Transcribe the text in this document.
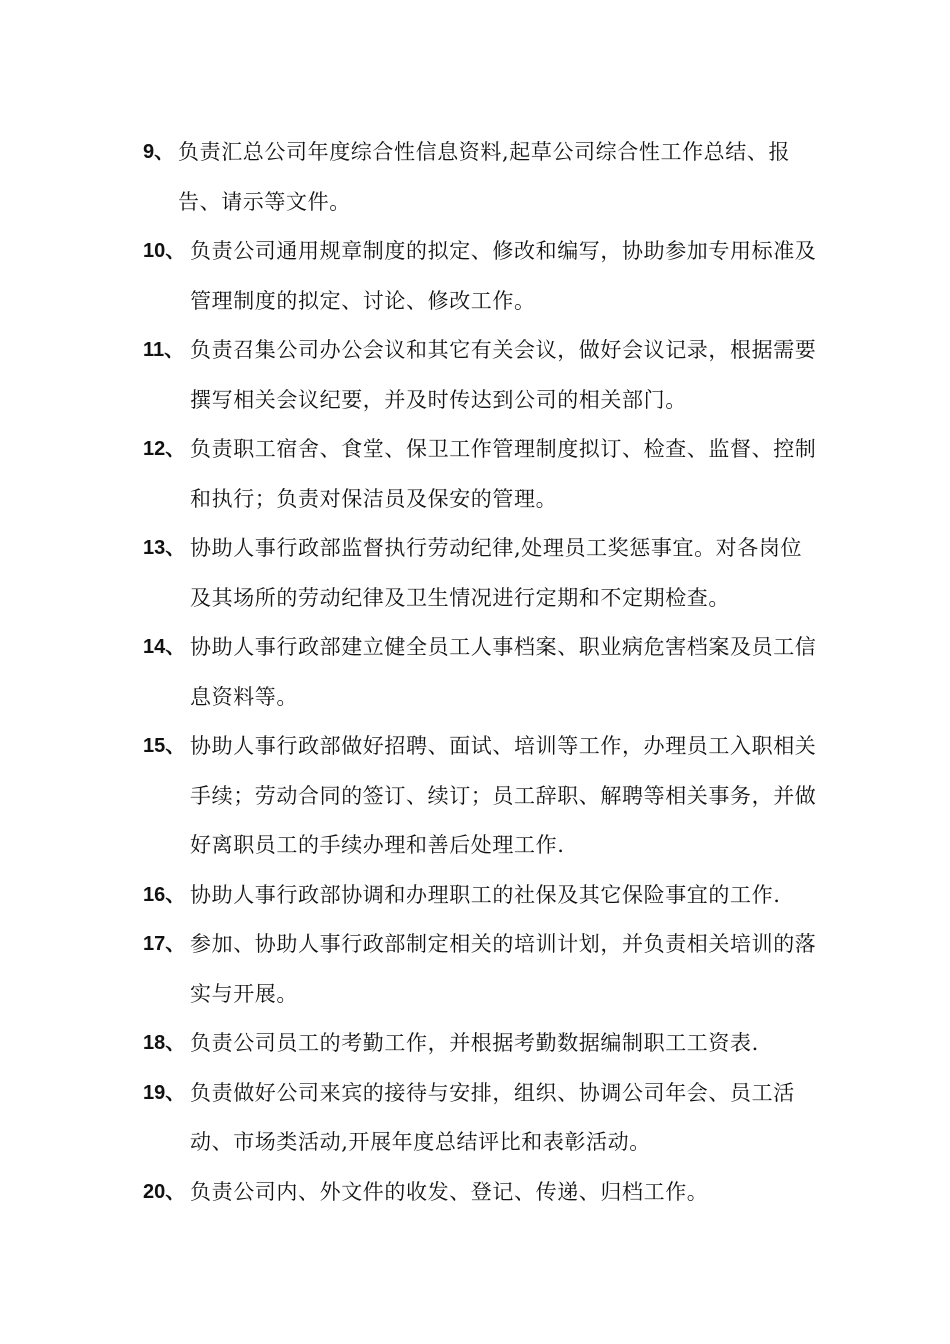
9、 负责汇总公司年度综合性信息资料,起草公司综合性工作总结、报告、请示等文件。
10、 负责公司通用规章制度的拟定、修改和编写，协助参加专用标准及管理制度的拟定、讨论、修改工作。
11、 负责召集公司办公会议和其它有关会议，做好会议记录，根据需要撰写相关会议纪要，并及时传达到公司的相关部门。
12、 负责职工宿舍、食堂、保卫工作管理制度拟订、检查、监督、控制和执行；负责对保洁员及保安的管理。
13、 协助人事行政部监督执行劳动纪律,处理员工奖惩事宜。对各岗位及其场所的劳动纪律及卫生情况进行定期和不定期检查。
14、 协助人事行政部建立健全员工人事档案、职业病危害档案及员工信息资料等。
15、 协助人事行政部做好招聘、面试、培训等工作，办理员工入职相关手续；劳动合同的签订、续订；员工辞职、解聘等相关事务，并做好离职员工的手续办理和善后处理工作.
16、 协助人事行政部协调和办理职工的社保及其它保险事宜的工作.
17、 参加、协助人事行政部制定相关的培训计划，并负责相关培训的落实与开展。
18、 负责公司员工的考勤工作，并根据考勤数据编制职工工资表.
19、 负责做好公司来宾的接待与安排，组织、协调公司年会、员工活动、市场类活动,开展年度总结评比和表彰活动。
20、 负责公司内、外文件的收发、登记、传递、归档工作。
